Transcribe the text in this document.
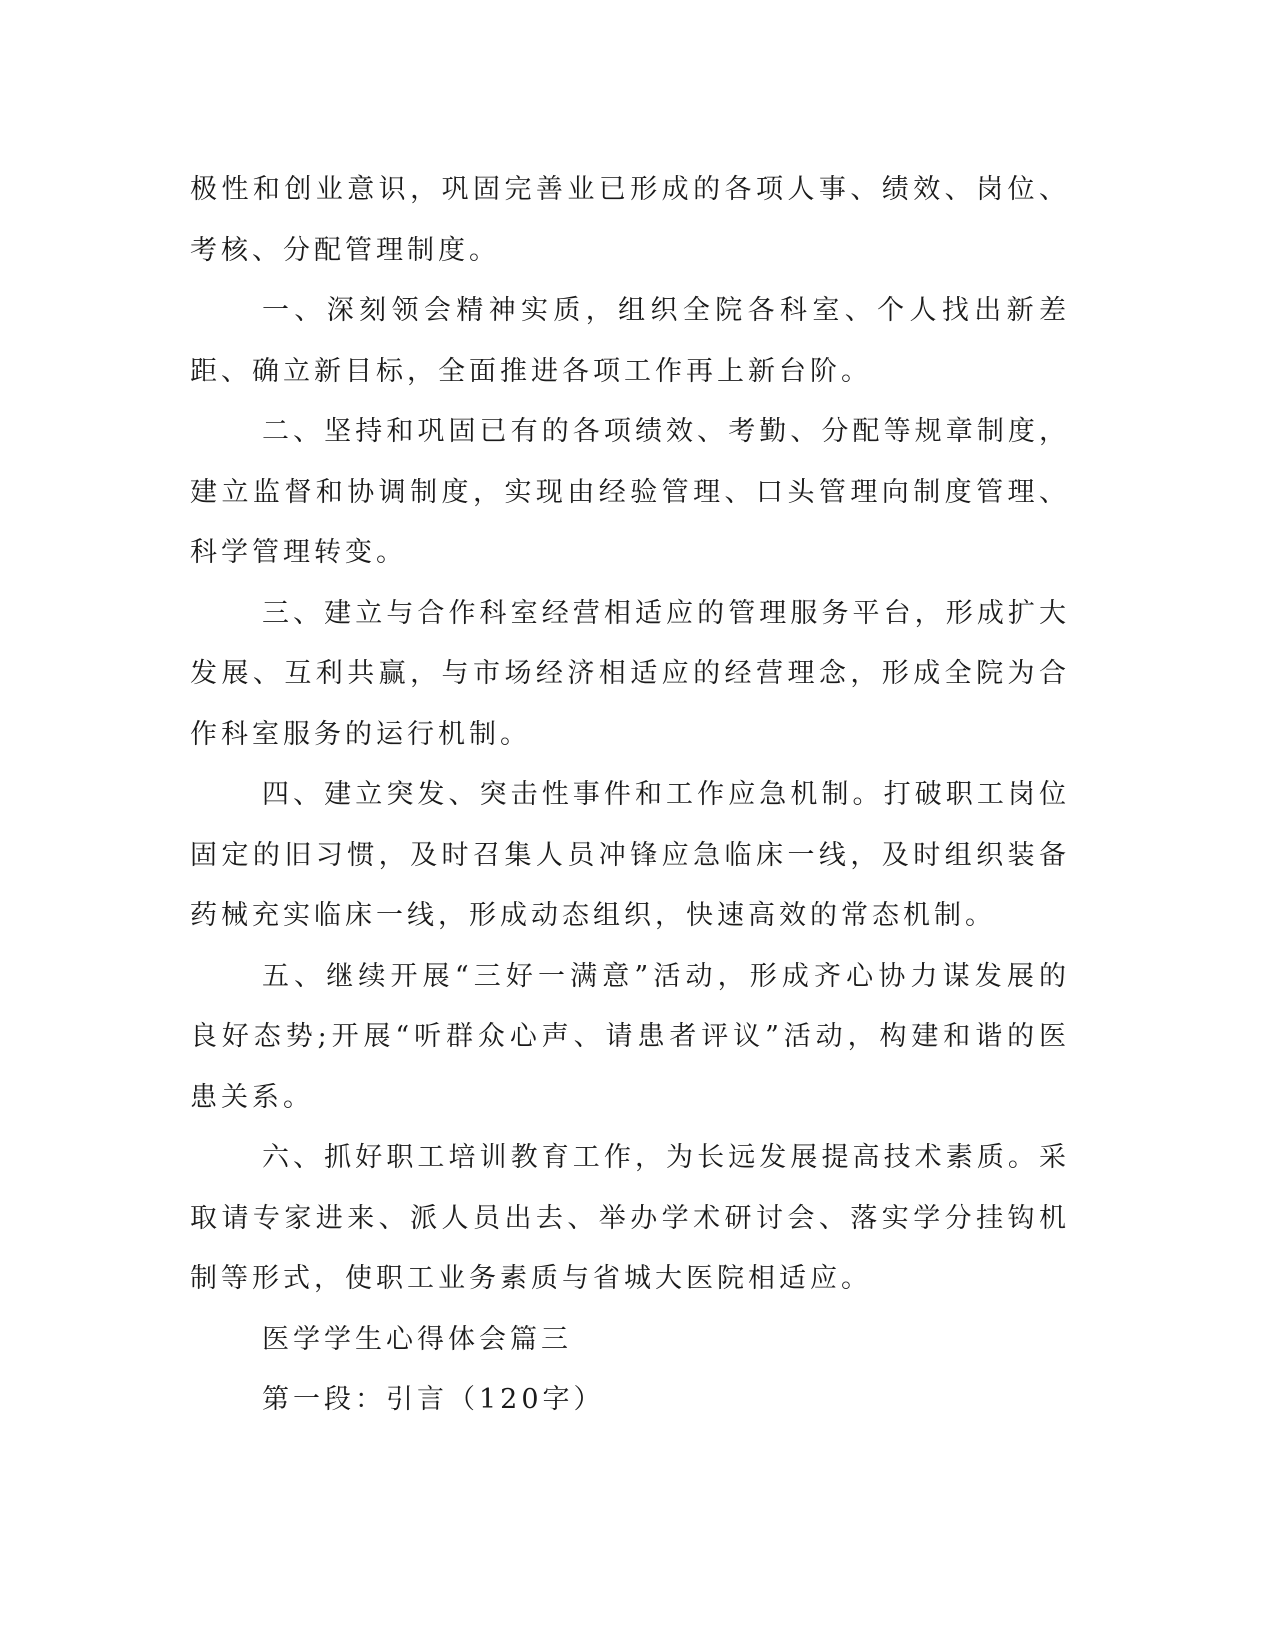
极性和创业意识，巩固完善业已形成的各项人事、绩效、岗位、考核、分配管理制度。

一、深刻领会精神实质，组织全院各科室、个人找出新差距、确立新目标，全面推进各项工作再上新台阶。

二、坚持和巩固已有的各项绩效、考勤、分配等规章制度，建立监督和协调制度，实现由经验管理、口头管理向制度管理、科学管理转变。

三、建立与合作科室经营相适应的管理服务平台，形成扩大发展、互利共赢，与市场经济相适应的经营理念，形成全院为合作科室服务的运行机制。

四、建立突发、突击性事件和工作应急机制。打破职工岗位固定的旧习惯，及时召集人员冲锋应急临床一线，及时组织装备药械充实临床一线，形成动态组织，快速高效的常态机制。

五、继续开展“三好一满意”活动，形成齐心协力谋发展的良好态势;开展“听群众心声、请患者评议”活动，构建和谐的医患关系。

六、抓好职工培训教育工作，为长远发展提高技术素质。采取请专家进来、派人员出去、举办学术研讨会、落实学分挂钩机制等形式，使职工业务素质与省城大医院相适应。

医学学生心得体会篇三

第一段：引言（120字）
